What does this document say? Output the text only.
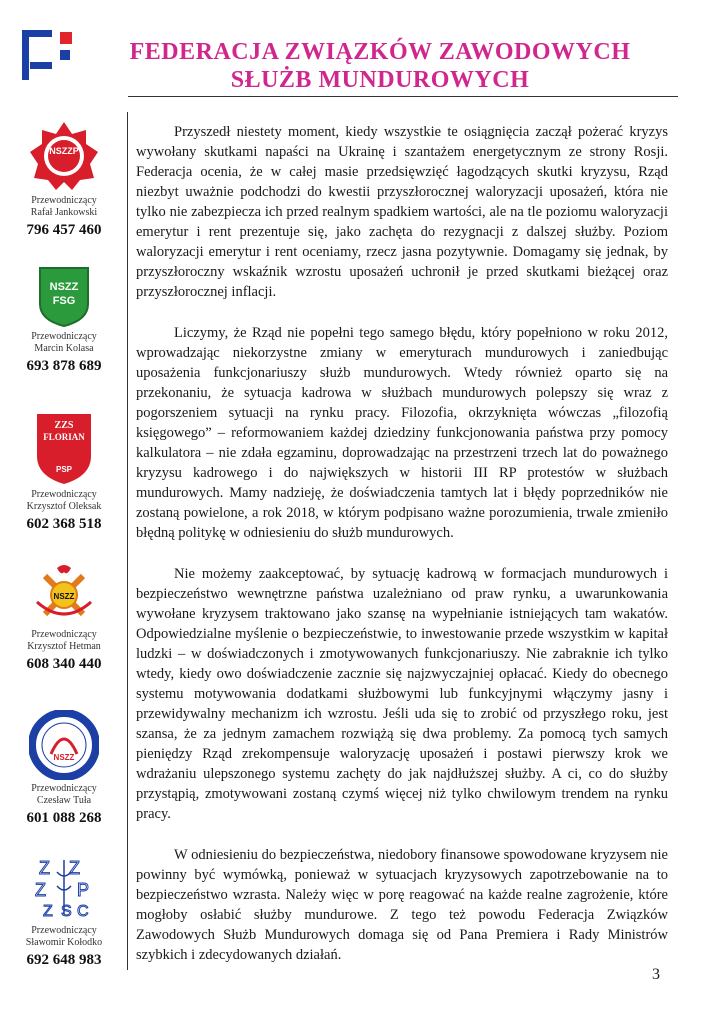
FEDERACJA ZWIĄZKÓW ZAWODOWYCH
SŁUŻB MUNDUROWYCH
NSZZP
Przewodniczący
Rafał Jankowski
796 457 460
NSZZ
FSG
Przewodniczący
Marcin Kolasa
693 878 689
ZZS
FLORIAN
PSP
Przewodniczący
Krzysztof Oleksak
602 368 518
NSZZ
Przewodniczący
Krzysztof Hetman
608 340 440
NSZZ
Przewodniczący
Czesław Tuła
601 088 268
Z Z
Z P
Z S C
Przewodniczący
Sławomir Kołodko
692 648 983

Przyszedł niestety moment, kiedy wszystkie te osiągnięcia zaczął pożerać kryzys wywołany skutkami napaści na Ukrainę i szantażem energetycznym ze strony Rosji. Federacja ocenia, że w całej masie przedsięwzięć łagodzących skutki kryzysu, Rząd niezbyt uważnie podchodzi do kwestii przyszłorocznej waloryzacji uposażeń, która nie tylko nie zabezpiecza ich przed realnym spadkiem wartości, ale na tle poziomu waloryzacji emerytur i rent prezentuje się, jako zachęta do rezygnacji z dalszej służby. Poziom waloryzacji emerytur i rent oceniamy, rzecz jasna pozytywnie. Domagamy się jednak, by przyszłoroczny wskaźnik wzrostu uposażeń uchronił je przed skutkami bieżącej oraz przyszłorocznej inflacji.

Liczymy, że Rząd nie popełni tego samego błędu, który popełniono w roku 2012, wprowadzając niekorzystne zmiany w emeryturach mundurowych i zaniedbując uposażenia funkcjonariuszy służb mundurowych. Wtedy również oparto się na przekonaniu, że sytuacja kadrowa w służbach mundurowych polepszy się wraz z pogorszeniem sytuacji na rynku pracy. Filozofia, okrzyknięta wówczas „filozofią księgowego” – reformowaniem każdej dziedziny funkcjonowania państwa przy pomocy kalkulatora – nie zdała egzaminu, doprowadzając na przestrzeni trzech lat do poważnego kryzysu kadrowego i do największych w historii III RP protestów w służbach mundurowych. Mamy nadzieję, że doświadczenia tamtych lat i błędy poprzedników nie zostaną powielone, a rok 2018, w którym podpisano ważne porozumienia, trwale zmieniło błędną politykę w odniesieniu do służb mundurowych.

Nie możemy zaakceptować, by sytuację kadrową w formacjach mundurowych i bezpieczeństwo wewnętrzne państwa uzależniano od praw rynku, a uwarunkowania wywołane kryzysem traktowano jako szansę na wypełnianie istniejących tam wakatów. Odpowiedzialne myślenie o bezpieczeństwie, to inwestowanie przede wszystkim w kapitał ludzki – w doświadczonych i zmotywowanych funkcjonariuszy. Nie zabraknie ich tylko wtedy, kiedy owo doświadczenie zacznie się najzwyczajniej opłacać. Kiedy do obecnego systemu motywowania dodatkami służbowymi lub funkcyjnymi włączymy jasny i przewidywalny mechanizm ich wzrostu. Jeśli uda się to zrobić od przyszłego roku, jest szansa, że za jednym zamachem rozwiążą się dwa problemy. Za pomocą tych samych pieniędzy Rząd zrekompensuje waloryzację uposażeń i postawi pierwszy krok we wdrażaniu ulepszonego systemu zachęty do jak najdłuższej służby. A ci, co do służby przystąpią, zmotywowani zostaną czymś więcej niż tylko chwilowym trendem na rynku pracy.

W odniesieniu do bezpieczeństwa, niedobory finansowe spowodowane kryzysem nie powinny być wymówką, ponieważ w sytuacjach kryzysowych zapotrzebowanie na to bezpieczeństwo wzrasta. Należy więc w porę reagować na każde realne zagrożenie, które mogłoby osłabić służby mundurowe. Z tego też powodu Federacja Związków Zawodowych Służb Mundurowych domaga się od Pana Premiera i Rady Ministrów szybkich i zdecydowanych działań.

3
